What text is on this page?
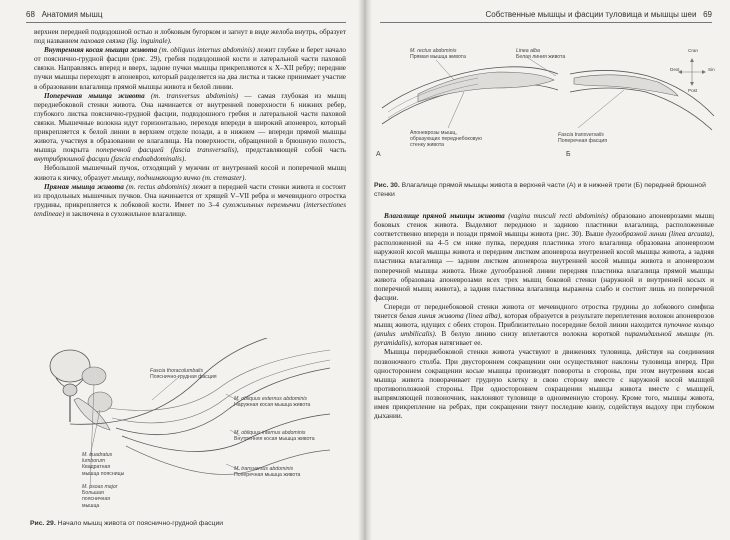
68 Анатомия мышц

верхнеи передней подвздошной остью и лобковым бугорком и загнут в виде желоба внутрь, образует под названием паховая связка (lig. inguinale).

Внутренняя косая мышца живота (m. obliquus internus abdominis) лежит глубже и берет начало от пояснично-грудной фасции (рис. 29), гребня подвздошной кости и латеральной части паховой связки. Направляясь вперед и вверх, задние пучки мышцы прикрепляются к X–XII ребру; передние пучки мышцы переходят в апоневроз, который разделяется на два листка и также принимает участие в образовании влагалища прямой мышцы живота и белой линии.

Поперечная мышца живота (m. transversus abdominis) — самая глубокая из мышц переднебоковой стенки живота. Она начинается от внутренней поверхности 6 нижних ребер, глубокого листка пояснично-грудной фасции, подвздошного гребня и латеральной части паховой связки. Мышечные волокна идут горизонтально, переходя впереди в широкий апоневроз, который прикрепляется к белой линии в верхнем отделе позади, а в нижнем — впереди прямой мышцы живота, участвуя в образовании ее влагалища. На поверхности, обращенной в брюшную полость, мышца покрыта поперечной фасцией (fascia transversalis), представляющей собой часть внутрибрюшной фасции (fascia endoabdominalis).

Небольшой мышечный пучок, отходящий у мужчин от внутренней косой и поперечной мышц живота к яичку, образует мышцу, поднимающую яичко (m. cremaster).

Прямая мышца живота (m. rectus abdominis) лежит в передней части стенки живота и состоит из продольных мышечных пучков. Она начинается от хрящей V–VII ребра и мечевидного отростка грудины, прикрепляется к лобковой кости. Имеет по 3–4 сухожильных перемычки (intersectiones tendineae) и заключена в сухожильное влагалище.

Fascia thoracolumbalis
Пояснично-грудная фасция
M. obliquus externus abdominis
Наружная косая мышца живота
M. quadratus lumborum
Квадратная мышца поясницы
M. obliquus internus abdominis
Внутренняя косая мышца живота
M. psoas major
Большая поясничная мышца
M. transversus abdominis
Поперечная мышца живота
Рис. 29. Начало мышц живота от пояснично-грудной фасции
Собственные мышцы и фасции туловища и мышцы шеи 69
M. rectus abdominis
Прямая мышца живота
Linea alba
Белая линия живота
Апоневрозы мышц,
образующих переднебоковую
стенку живота
Fascia transversalis
Поперечная фасция
А	Б
Cran
Dext	Sin
Post
Рис. 30. Влагалище прямой мышцы живота в верхней части (А) и в нижней трети (Б) передней брюшной стенки

Влагалище прямой мышцы живота (vagina musculi recti abdominis) образовано апоневрозами мышц боковых стенок живота. Выделяют переднюю и заднюю пластинки влагалища, расположенные соответственно впереди и позади прямой мышцы живота (рис. 30). Выше дугообразной линии (linea arcuata), расположенной на 4–5 см ниже пупка, передняя пластинка этого влагалища образована апоневрозом наружной косой мышцы живота и передним листком апоневроза внутренней косой мышцы живота, а задняя пластинка влагалища — задним листком апоневроза внутренней косой мышцы живота и апоневрозом поперечной мышцы живота. Ниже дугообразной линии передняя пластинка влагалища прямой мышцы живота образована апоневрозами всех трех мышц боковой стенки (наружной и внутренней косых и поперечной мышц живота), а задняя пластинка влагалища выражена слабо и состоит лишь из поперечной фасции.

Спереди от переднебоковой стенки живота от мечевидного отростка грудины до лобкового симфиза тянется белая линия живота (linea alba), которая образуется в результате переплетения волокон апоневрозов мышц живота, идущих с обеих сторон. Приблизительно посередине белой линии находится пупочное кольцо (anulus umbilicalis). В белую линию снизу вплетаются волокна короткой пирамидальной мышцы (m. pyramidalis), которая натягивает ее.

Мышцы переднебоковой стенки живота участвуют в движениях туловища, действуя на соединения позвоночного столба. При двустороннем сокращении они осуществляют наклоны туловища вперед. При одностороннем сокращении косые мышцы производят повороты в стороны, при этом внутренняя косая мышца живота поворачивает грудную клетку в свою сторону вместе с наружной косой мышцей противоположной стороны. При одностороннем сокращении мышцы живота вместе с мышцей, выпрямляющей позвоночник, наклоняют туловище в одноименную сторону. Кроме того, мышцы живота, имея прикрепление на ребрах, при сокращении тянут последние книзу, содействуя выдоху при глубоком дыхании.
